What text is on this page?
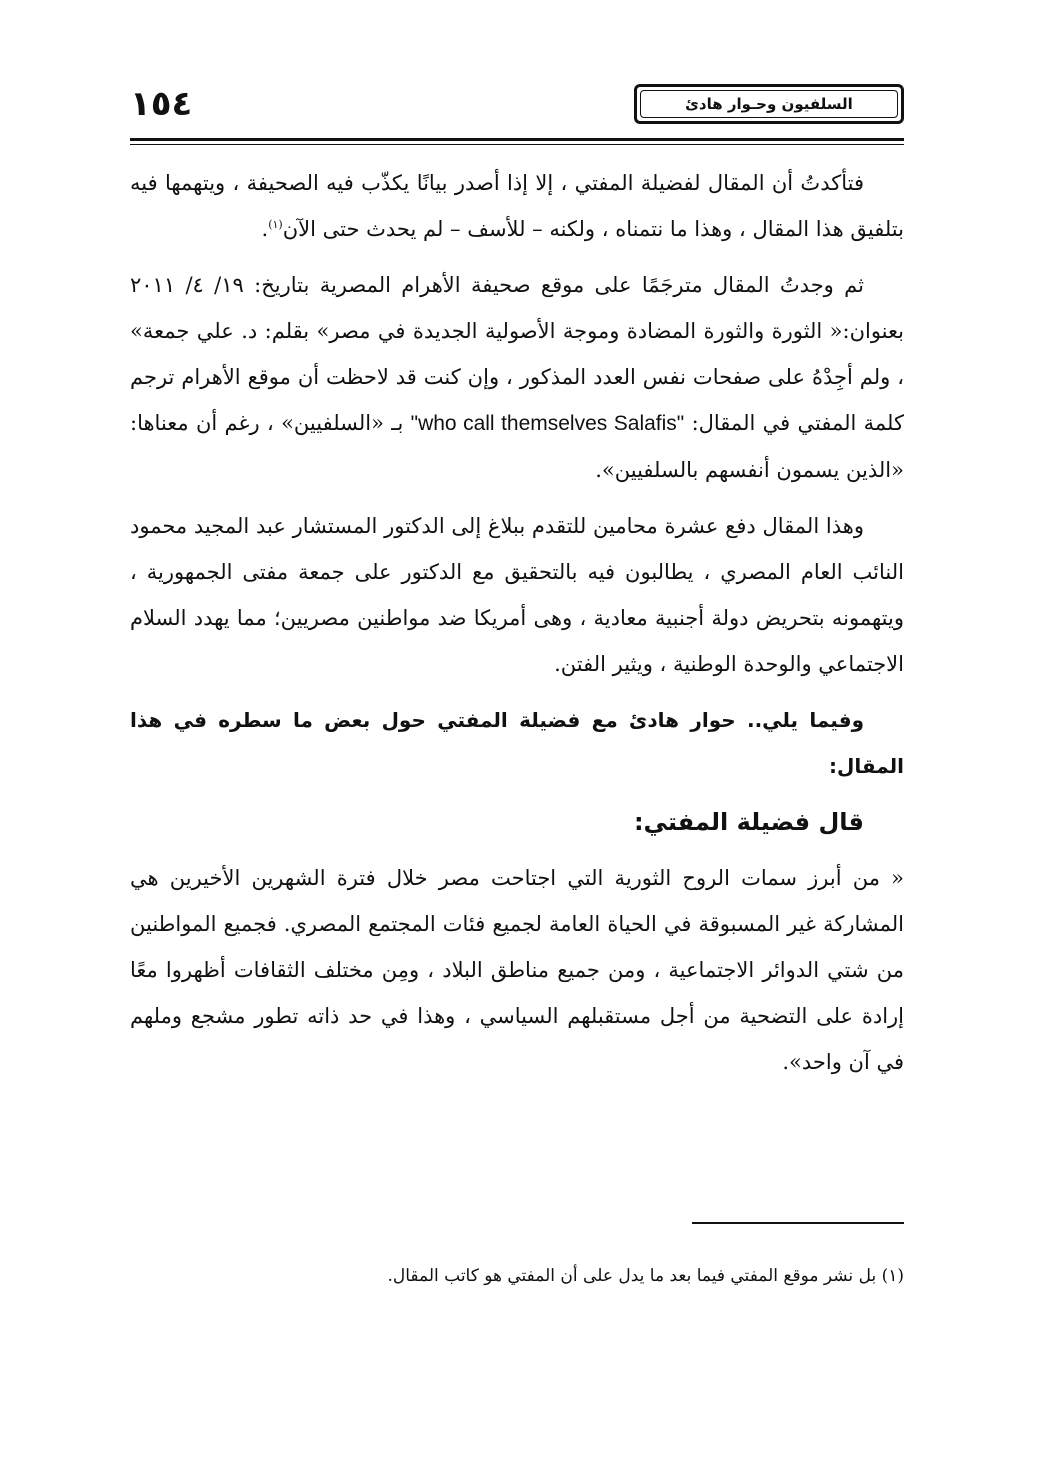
١٥٤	السلفيون وحـوار هادئ

فتأكدتُ أن المقال لفضيلة المفتي ، إلا إذا أصدر بيانًا يكذّب فيه الصحيفة ، ويتهمها فيه بتلفيق هذا المقال ، وهذا ما نتمناه ، ولكنه – للأسف – لم يحدث حتى الآن$^{(١)}$.

ثم وجدتُ المقال مترجَمًا على موقع صحيفة الأهرام المصرية بتاريخ: ١٩/ ٤/ ٢٠١١ بعنوان:« الثورة والثورة المضادة وموجة الأصولية الجديدة في مصر» بقلم: د. علي جمعة» ، ولم أجِدْهُ على صفحات نفس العدد المذكور ، وإن كنت قد لاحظت أن موقع الأهرام ترجم كلمة المفتي في المقال: "who call themselves Salafis" بـ «السلفيين» ، رغم أن معناها: «الذين يسمون أنفسهم بالسلفيين».

وهذا المقال دفع عشرة محامين للتقدم ببلاغ إلى الدكتور المستشار عبد المجيد محمود النائب العام المصري ، يطالبون فيه بالتحقيق مع الدكتور على جمعة مفتى الجمهورية ، ويتهمونه بتحريض دولة أجنبية معادية ، وهى أمريكا ضد مواطنين مصريين؛ مما يهدد السلام الاجتماعي والوحدة الوطنية ، ويثير الفتن.

وفيما يلي.. حوار هادئ مع فضيلة المفتي حول بعض ما سطره في هذا المقال:

قال فضيلة المفتي:

« من أبرز سمات الروح الثورية التي اجتاحت مصر خلال فترة الشهرين الأخيرين هي المشاركة غير المسبوقة في الحياة العامة لجميع فئات المجتمع المصري. فجميع المواطنين من شتي الدوائر الاجتماعية ، ومن جميع مناطق البلاد ، ومِن مختلف الثقافات أظهروا معًا إرادة على التضحية من أجل مستقبلهم السياسي ، وهذا في حد ذاته تطور مشجع وملهم في آن واحد».

(١) بل نشر موقع المفتي فيما بعد ما يدل على أن المفتي هو كاتب المقال.
